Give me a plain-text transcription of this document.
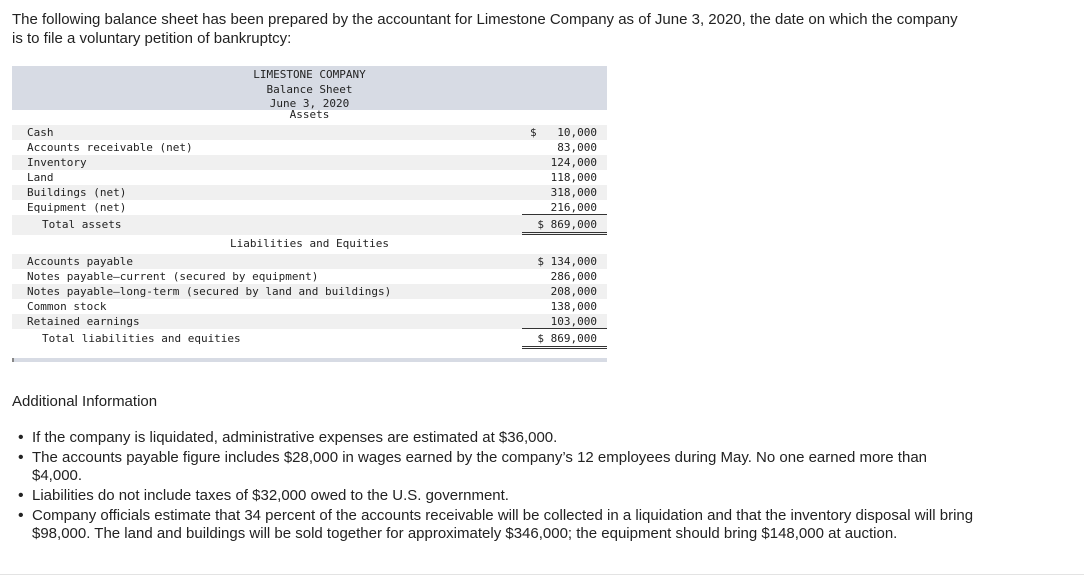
The following balance sheet has been prepared by the accountant for Limestone Company as of June 3, 2020, the date on which the company is to file a voluntary petition of bankruptcy:
LIMESTONE COMPANY
Balance Sheet
June 3, 2020
Assets
Cash	$ 10,000
Accounts receivable (net)	83,000
Inventory	124,000
Land	118,000
Buildings (net)	318,000
Equipment (net)	216,000
Total assets	$ 869,000
Liabilities and Equities
Accounts payable	$ 134,000
Notes payable—current (secured by equipment)	286,000
Notes payable—long-term (secured by land and buildings)	208,000
Common stock	138,000
Retained earnings	103,000
Total liabilities and equities	$ 869,000
Additional Information
• If the company is liquidated, administrative expenses are estimated at $36,000.
• The accounts payable figure includes $28,000 in wages earned by the company’s 12 employees during May. No one earned more than $4,000.
• Liabilities do not include taxes of $32,000 owed to the U.S. government.
• Company officials estimate that 34 percent of the accounts receivable will be collected in a liquidation and that the inventory disposal will bring $98,000. The land and buildings will be sold together for approximately $346,000; the equipment should bring $148,000 at auction.
